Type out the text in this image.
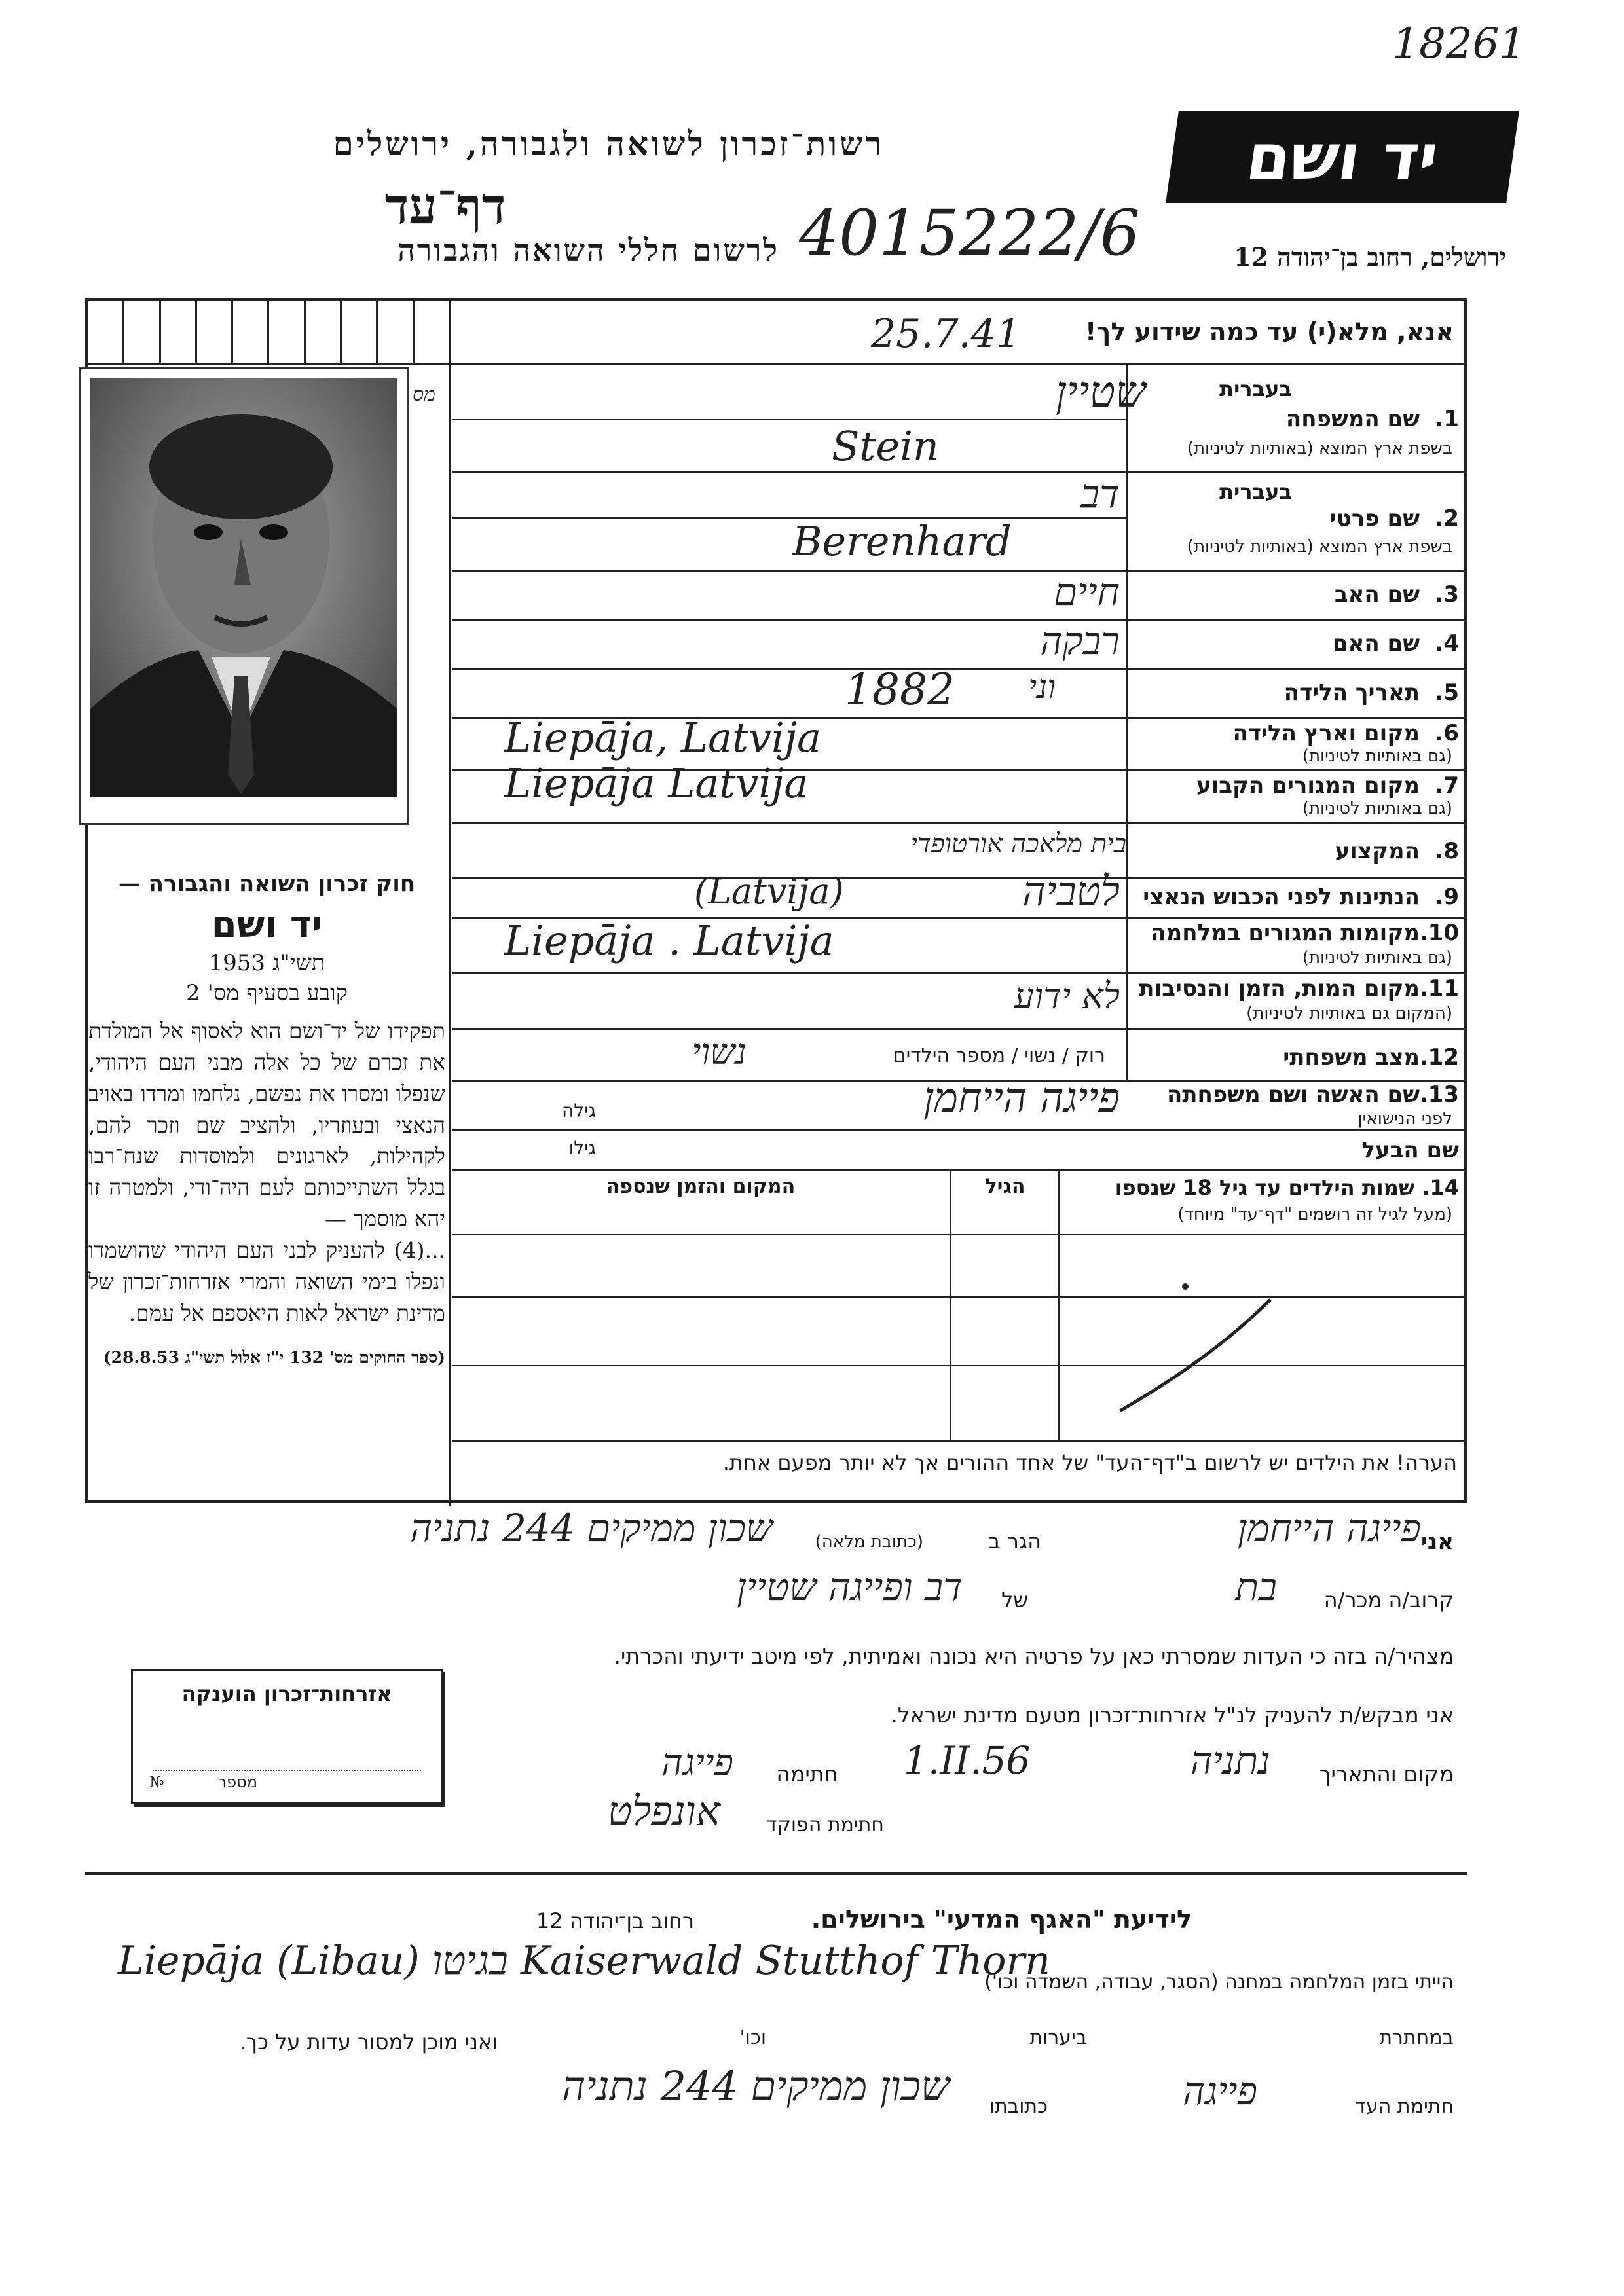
18261
יד ושם
ירושלים, רחוב בן־יהודה 12
רשות־זכרון לשואה ולגבורה, ירושלים
דף־עד
לרשום חללי השואה והגבורה 4015222/6
אנא, מלא(י) עד כמה שידוע לך!
25.7.41
מס	בעברית
1.
שם המשפחה
בשפת ארץ המוצא (באותיות לטיניות)
שטיין
Stein
בעברית
2.
שם פרטי
בשפת ארץ המוצא (באותיות לטיניות)
דב
Berenhard
3.
שם האב
חיים
4.
שם האם
רבקה
5.
תאריך הלידה
1882 וני
6.
מקום וארץ הלידה
(גם באותיות לטיניות)
Liepāja, Latvija
7.
מקום המגורים הקבוע
(גם באותיות לטיניות)
Liepāja Latvija
8.
המקצוע
בית מלאכה אורטופדי
9.
הנתינות לפני הכבוש הנאצי
לטביה
(Latvija)
10.
מקומות המגורים במלחמה
(גם באותיות לטיניות)
Liepāja . Latvija
11.
מקום המות, הזמן והנסיבות
(המקום גם באותיות לטיניות)
לא ידוע
12.
מצב משפחתי
רוק / נשוי / מספר הילדים
נשוי
13.
שם האשה ושם משפחתה
לפני הנישואין
גילה	פייגה הייחמן
שם הבעל
גילו
14. שמות הילדים עד גיל 18 שנספו
(מעל לגיל זה רושמים "דף־עד" מיוחד)
הגיל
המקום והזמן שנספה
הערה! את הילדים יש לרשום ב"דף־העד" של אחד ההורים אך לא יותר מפעם אחת.
חוק זכרון השואה והגבורה —
יד ושם
תשי"ג 1953
קובע בסעיף מס' 2
תפקידו של יד־ושם הוא לאסוף אל המולדת את זכרם של כל אלה מבני העם היהודי, שנפלו ומסרו את נפשם, נלחמו ומרדו באויב הנאצי ובעוזריו, ולהציב שם וזכר להם, לקהילות, לארגונים ולמוסדות שנח־רבו בגלל השתייכותם לעם היה־ודי, ולמטרה זו יהא מוסמך —
...(4) להעניק לבני העם היהודי שהושמדו ונפלו בימי השואה והמרי אזרחות־זכרון של מדינת ישראל לאות היאספם אל עמם.
(ספר החוקים מס' 132 י"ז אלול תשי"ג 28.8.53)
אני
פייגה הייחמן
הגר ב
(כתובת מלאה)
שכון ממיקים 244 נתניה
קרוב/ה מכר/ה
בת
של
דב ופייגה שטיין
מצהיר/ה בזה כי העדות שמסרתי כאן על פרטיה היא נכונה ואמיתית, לפי מיטב ידיעתי והכרתי.
אזרחות־זכרון הוענקה
מספר
№
אני מבקש/ת להעניק לנ"ל אזרחות־זכרון מטעם מדינת ישראל.
מקום והתאריך
נתניה
1.II.56
חתימה
פייגה
חתימת הפוקד
אונפלט
לידיעת "האגף המדעי" בירושלים.
רחוב בן־יהודה 12
הייתי בזמן המלחמה במחנה (הסגר, עבודה, השמדה וכו')
Liepāja (Libau) בגיטו Kaiserwald Stutthof Thorn
במחתרת
ביערות
וכו'
ואני מוכן למסור עדות על כך.
חתימת העד
פייגה
כתובתו
שכון ממיקים 244 נתניה
